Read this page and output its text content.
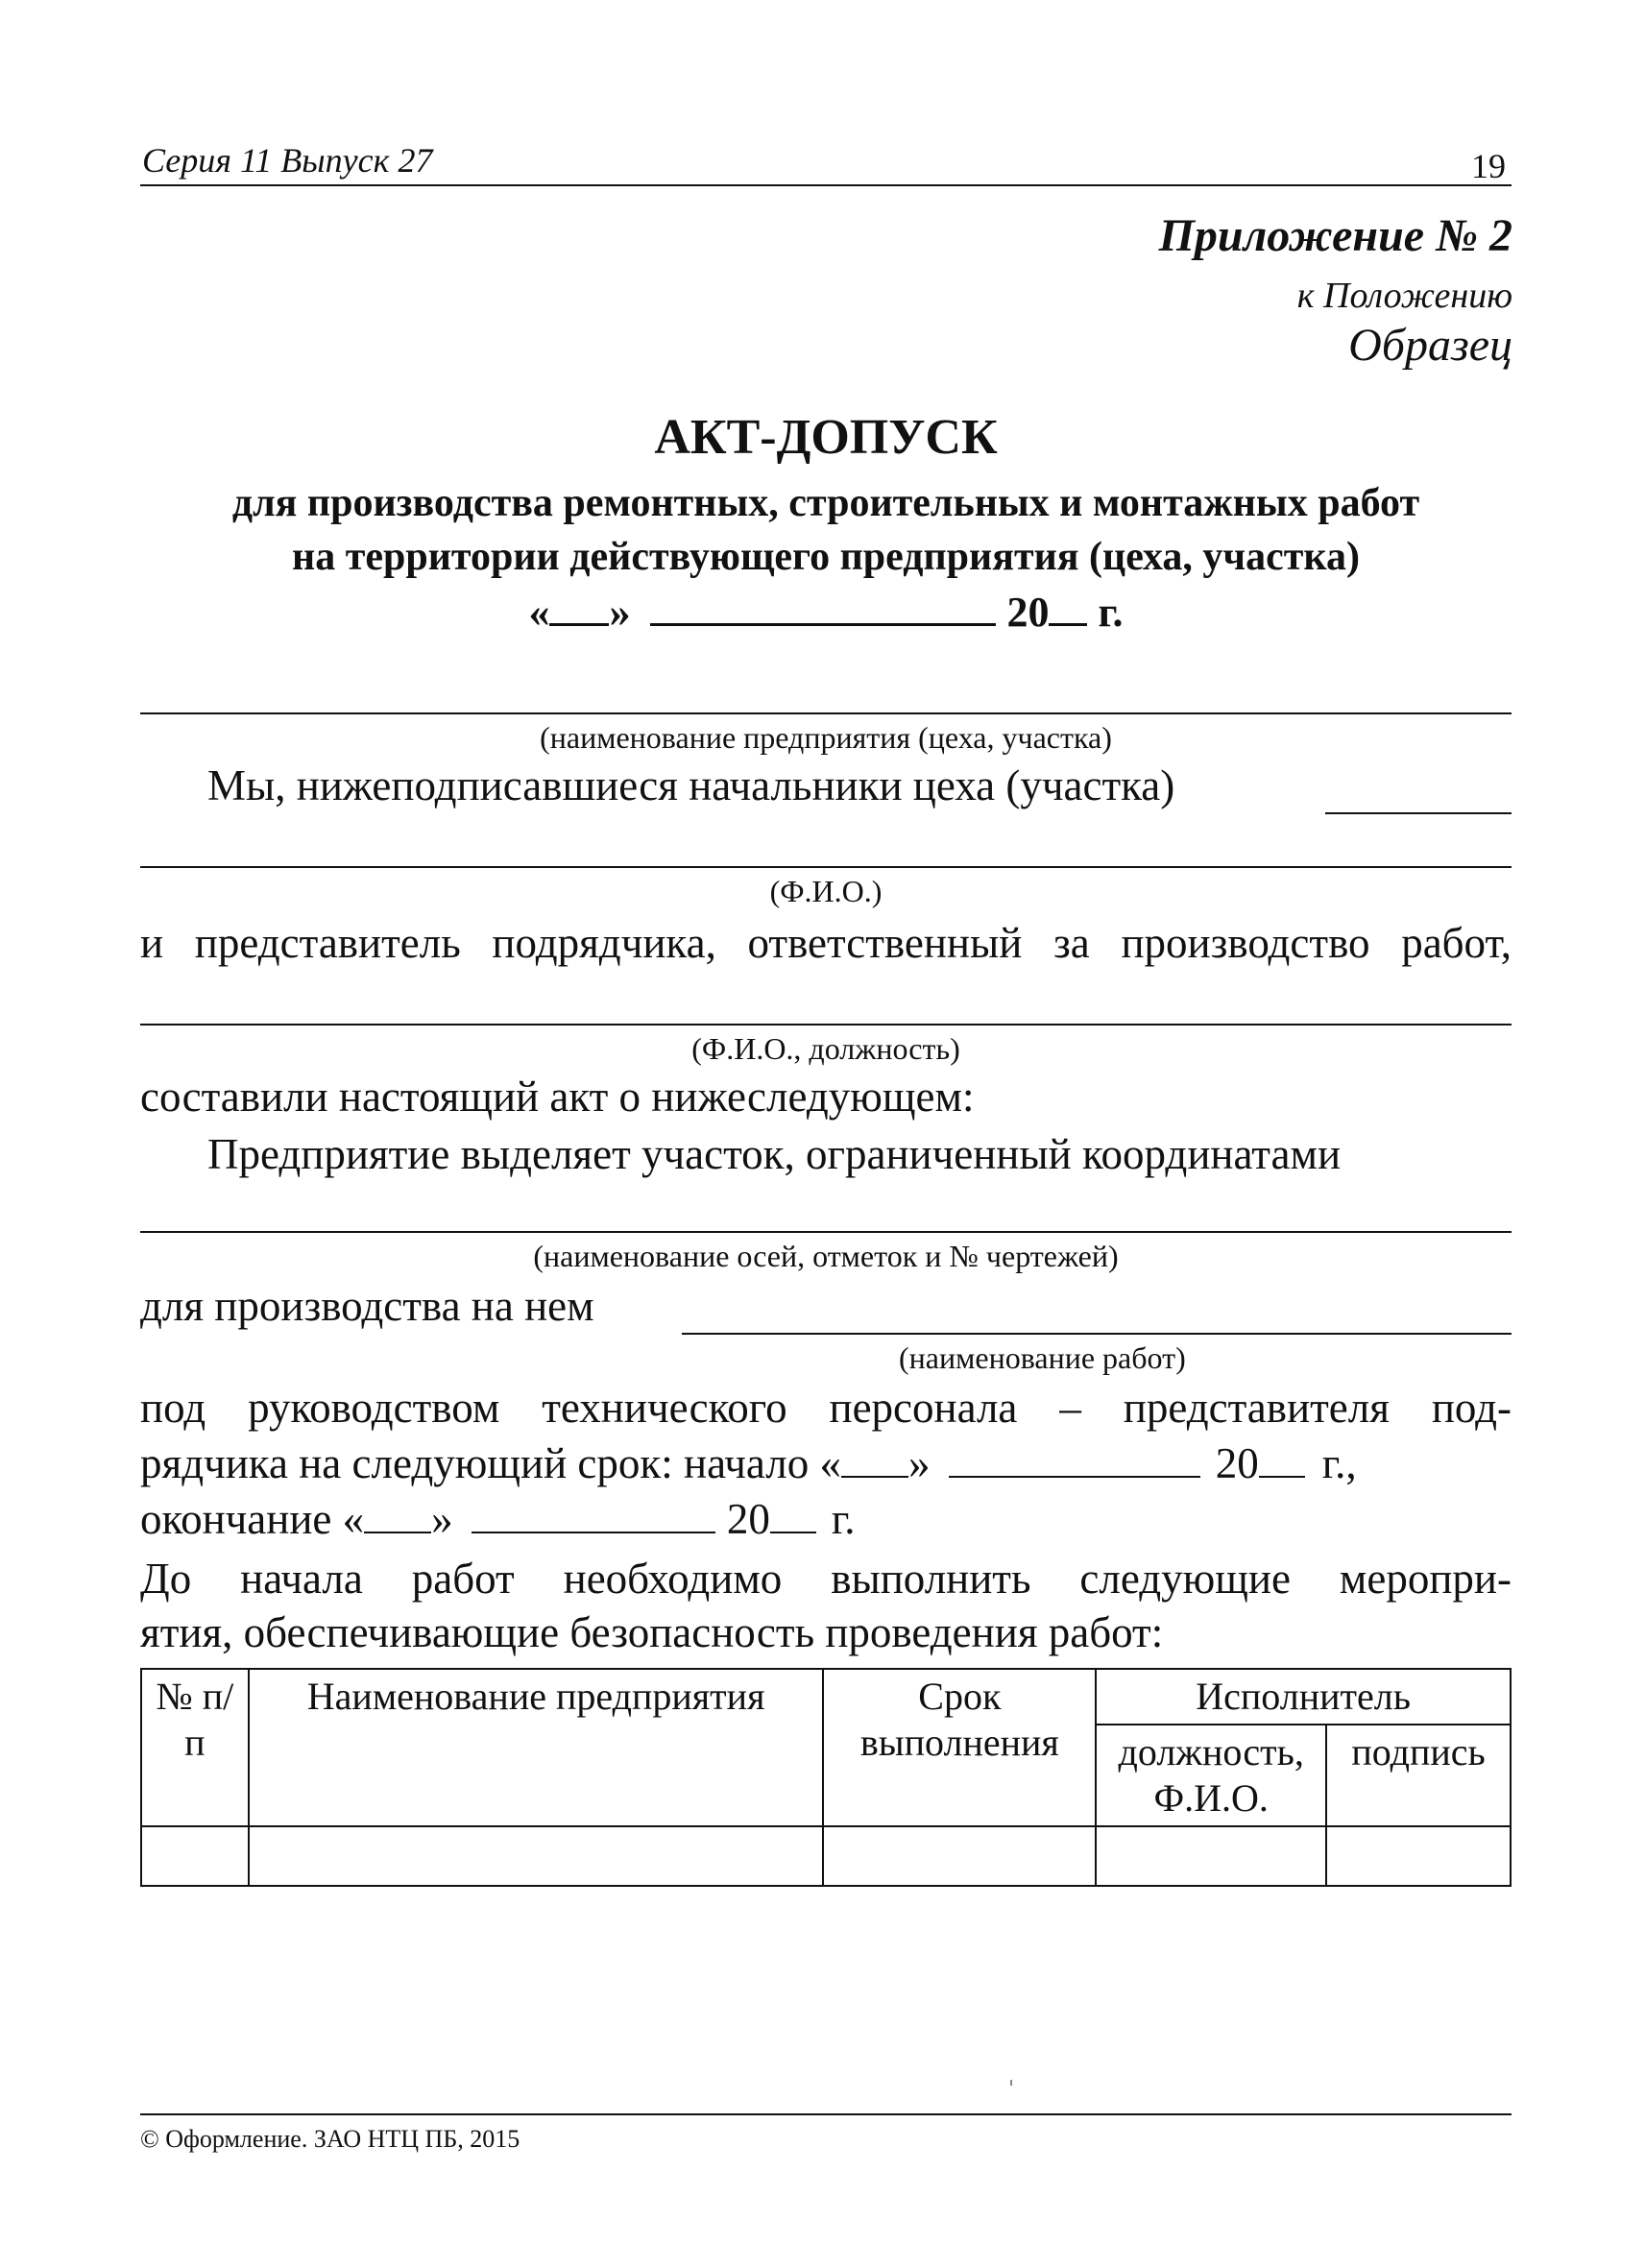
Серия 11 Выпуск 27	19
Приложение № 2
к Положению
Образец
АКТ-ДОПУСК
для производства ремонтных, строительных и монтажных работ
на территории действующего предприятия (цеха, участка)
« »	20 г.
(наименование предприятия (цеха, участка)
Мы, нижеподписавшиеся начальники цеха (участка)
(Ф.И.О.)
и представитель подрядчика, ответственный за производство работ,
(Ф.И.О., должность)
составили настоящий акт о нижеследующем:
Предприятие выделяет участок, ограниченный координатами
(наименование осей, отметок и № чертежей)
для производства на нем
(наименование работ)
под руководством технического персонала – представителя под-
рядчика на следующий срок: начало « »	20 г.,
окончание « »	20 г.
До начала работ необходимо выполнить следующие меропри-
ятия, обеспечивающие безопасность проведения работ:
№ п/п	Наименование предприятия	Срок выполнения	Исполнитель	
			должность, Ф.И.О.	подпись

© Оформление. ЗАО НТЦ ПБ, 2015
